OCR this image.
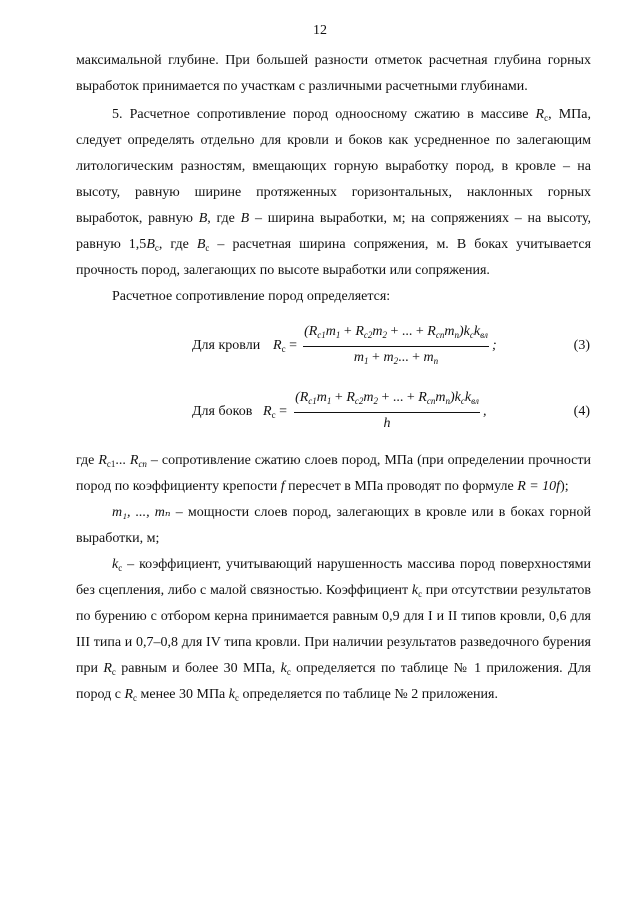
12

максимальной глубине. При большей разности отметок расчетная глубина горных выработок принимается по участкам с различными расчетными глубинами.

5. Расчетное сопротивление пород одноосному сжатию в массиве $R_c$, МПа, следует определять отдельно для кровли и боков как усредненное по залегающим литологическим разностям, вмещающих горную выработку пород, в кровле – на высоту, равную ширине протяженных горизонтальных, наклонных горных выработок, равную B, где B – ширина выработки, м; на сопряжениях – на высоту, равную $1,5B_c$, где $B_c$ – расчетная ширина сопряжения, м. В боках учитывается прочность пород, залегающих по высоте выработки или сопряжения.

Расчетное сопротивление пород определяется:

Для кровли $R_c$ =
($R_{c1}m_1 + R_{c2}m_2$ + ... + $R_{cn}m_n)k_ck_{вл}$
$m_1 + m_2$... + $m_n$
;	(3)
Для боков $R_c$ =
($R_{c1}m_1 + R_{c2}m_2$ + ... + $R_{cn}m_n)k_ck_{вл}$
h
,	(4)

где $R_{c1}$... $R_{cn}$ – сопротивление сжатию слоев пород, МПа (при определении прочности пород по коэффициенту крепости f пересчет в МПа проводят по формуле R = 10f);

m₁, ..., mₙ – мощности слоев пород, залегающих в кровле или в боках горной выработки, м;

$k_c$ – коэффициент, учитывающий нарушенность массива пород поверхностями без сцепления, либо с малой связностью. Коэффициент $k_c$ при отсутствии результатов по бурению с отбором керна принимается равным 0,9 для I и II типов кровли, 0,6 для III типа и 0,7–0,8 для IV типа кровли. При наличии результатов разведочного бурения при $R_c$ равным и более 30 МПа, $k_c$ определяется по таблице № 1 приложения. Для пород с $R_c$ менее 30 МПа $k_c$ определяется по таблице № 2 приложения.
